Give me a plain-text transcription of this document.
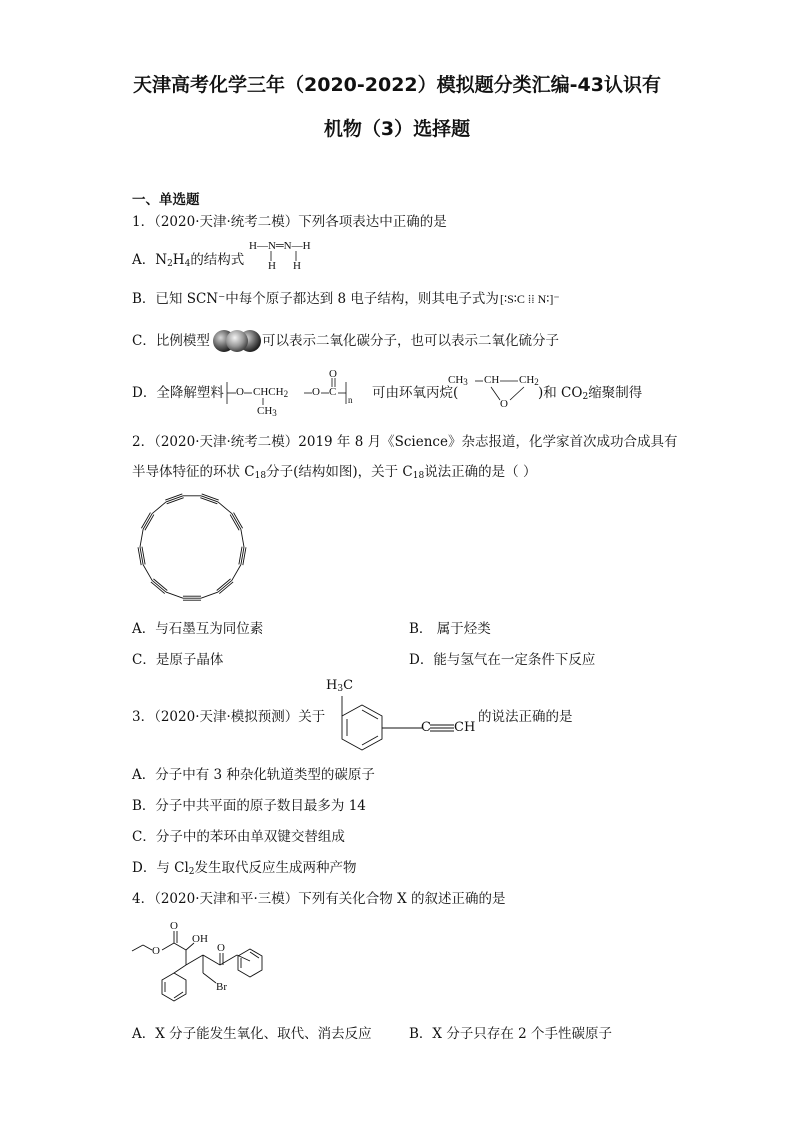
天津高考化学三年（2020-2022）模拟题分类汇编-43认识有
机物（3）选择题
一、单选题
1．（2020·天津·统考二模）下列各项表达中正确的是
A．$N_2H_4$的结构式
H—N═N—H
H H
B．已知 SCN⁻中每个原子都达到 8 电子结构，则其电子式为 [∶S∶C ⁞⁞ N∶]⁻
C．比例模型	可以表示二氧化碳分子，也可以表示二氧化硫分子
D．全降解塑料 O $CHCH_2$ O C
O
n
$CH_3$
可由环氧丙烷(
$CH_3$ CH $CH_2$
O
)和 $CO_2$缩聚制得
2．（2020·天津·统考二模）2019 年 8 月《Science》杂志报道，化学家首次成功合成具有
半导体特征的环状 $C_{18}$分子(结构如图)，关于 $C_{18}$说法正确的是（ ）
A．与石墨互为同位素	B． 属于烃类
C．是原子晶体	D．能与氢气在一定条件下反应
3．（2020·天津·模拟预测）关于
$H_3C$
C CH
的说法正确的是
A．分子中有 3 种杂化轨道类型的碳原子
B．分子中共平面的原子数目最多为 14
C．分子中的苯环由单双键交替组成
D．与 $Cl_2$发生取代反应生成两种产物
4．（2020·天津和平·三模）下列有关化合物 X 的叙述正确的是
O
O
OH
O
Br
A．X 分子能发生氧化、取代、消去反应	B．X 分子只存在 2 个手性碳原子
